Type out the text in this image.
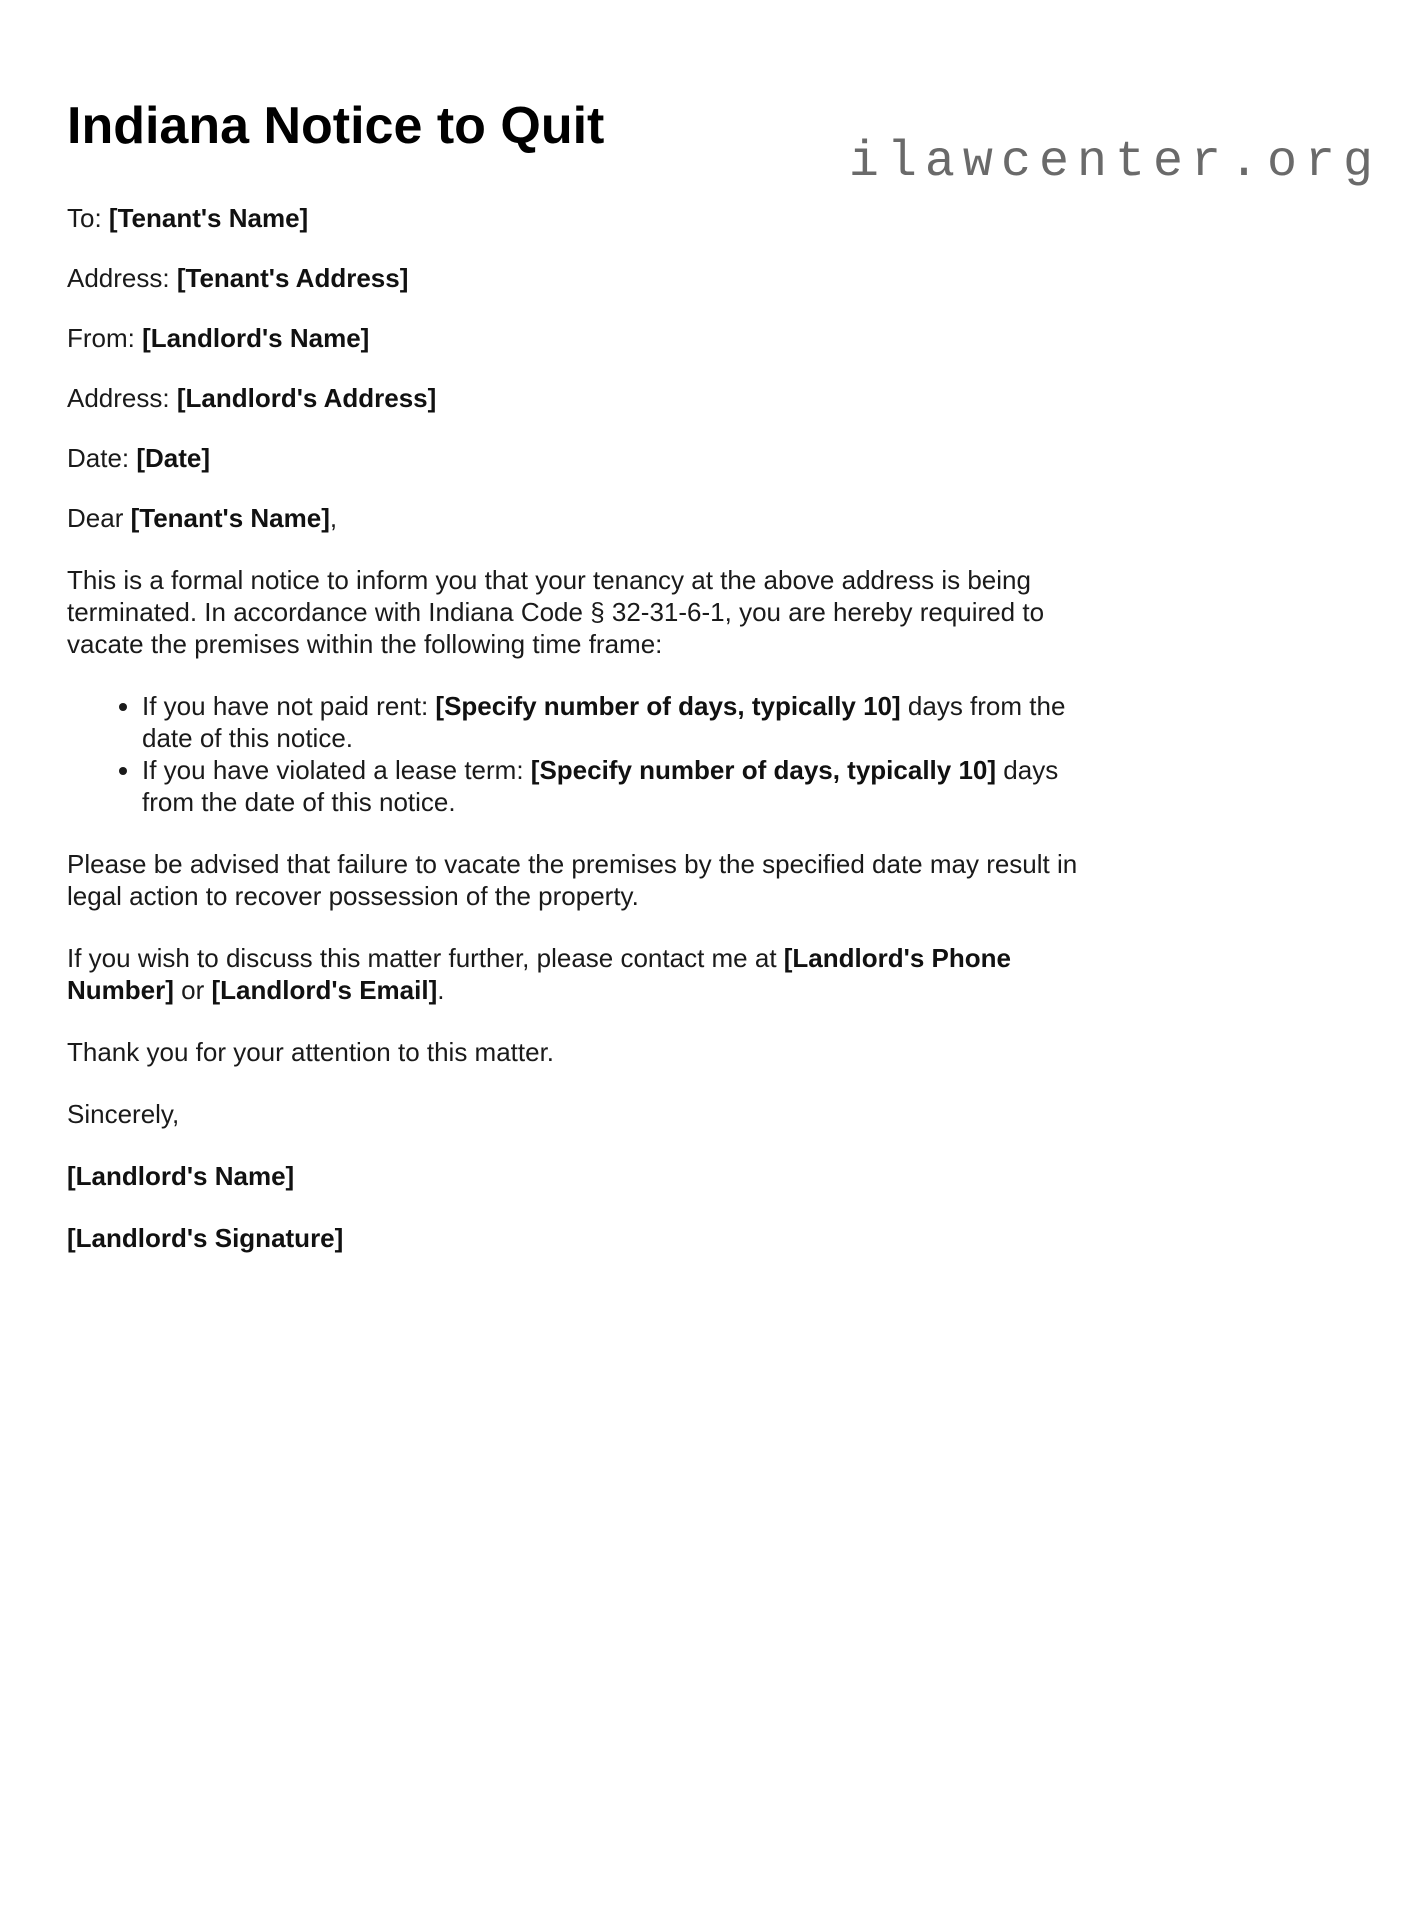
ilawcenter.org
Indiana Notice to Quit

To: [Tenant's Name]

Address: [Tenant's Address]

From: [Landlord's Name]

Address: [Landlord's Address]

Date: [Date]

Dear [Tenant's Name],

This is a formal notice to inform you that your tenancy at the above address is being terminated. In accordance with Indiana Code § 32-31-6-1, you are hereby required to vacate the premises within the following time frame:

• If you have not paid rent: [Specify number of days, typically 10] days from the date of this notice.
• If you have violated a lease term: [Specify number of days, typically 10] days from the date of this notice.

Please be advised that failure to vacate the premises by the specified date may result in legal action to recover possession of the property.

If you wish to discuss this matter further, please contact me at [Landlord's Phone Number] or [Landlord's Email].

Thank you for your attention to this matter.

Sincerely,

[Landlord's Name]

[Landlord's Signature]
